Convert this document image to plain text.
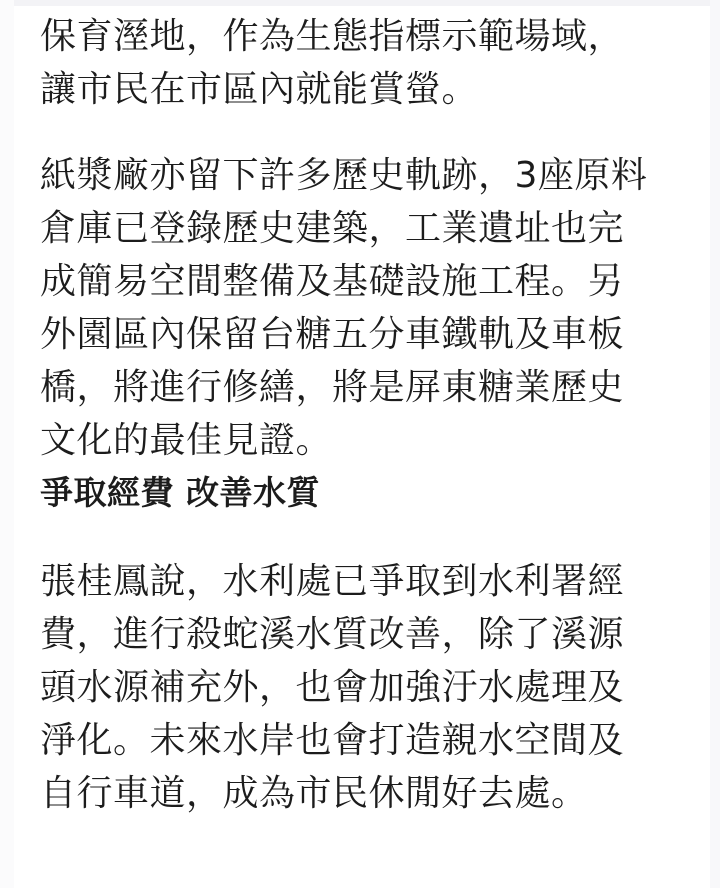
保育溼地，作為生態指標示範場域，
讓市民在市區內就能賞螢。

紙漿廠亦留下許多歷史軌跡，3座原料
倉庫已登錄歷史建築，工業遺址也完
成簡易空間整備及基礎設施工程。另
外園區內保留台糖五分車鐵軌及車板
橋，將進行修繕，將是屏東糖業歷史
文化的最佳見證。

爭取經費 改善水質

張桂鳳說，水利處已爭取到水利署經
費，進行殺蛇溪水質改善，除了溪源
頭水源補充外，也會加強汙水處理及
淨化。未來水岸也會打造親水空間及
自行車道，成為市民休閒好去處。
